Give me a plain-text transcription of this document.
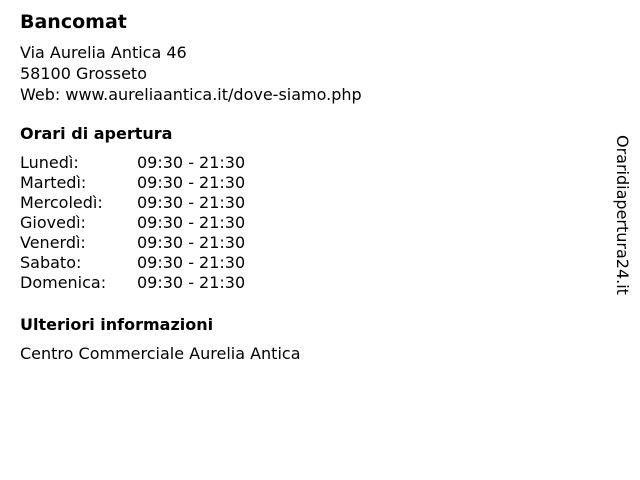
Bancomat
Via Aurelia Antica 46
58100 Grosseto
Web: www.aureliaantica.it/dove-siamo.php
Orari di apertura
Lunedì:	09:30 - 21:30
Martedì:	09:30 - 21:30
Mercoledì:	09:30 - 21:30
Giovedì:	09:30 - 21:30
Venerdì:	09:30 - 21:30
Sabato:	09:30 - 21:30
Domenica:	09:30 - 21:30
Ulteriori informazioni
Centro Commerciale Aurelia Antica
Oraridiapertura24.it
